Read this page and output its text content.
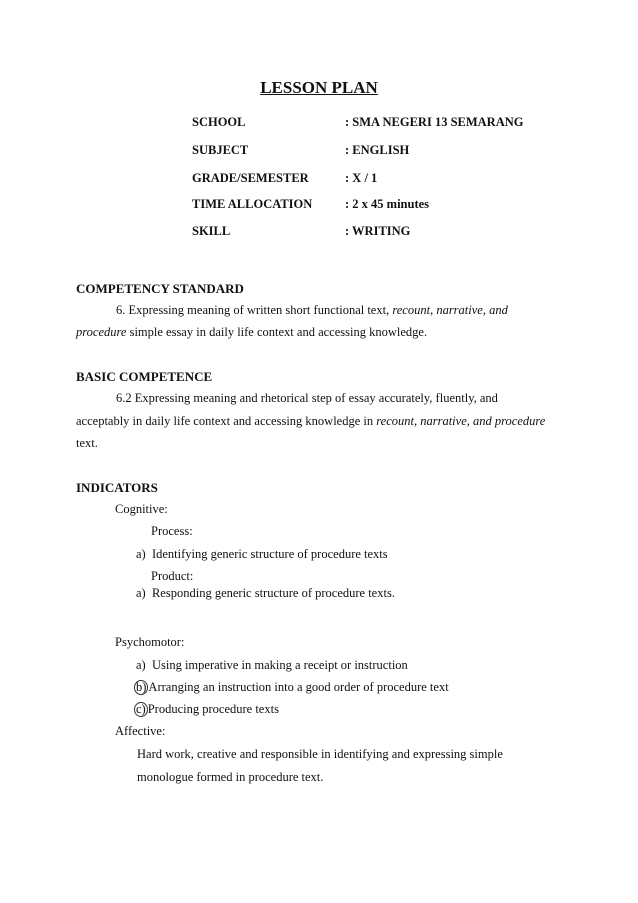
LESSON PLAN
SCHOOL	: SMA NEGERI 13 SEMARANG
SUBJECT	: ENGLISH
GRADE/SEMESTER	: X / 1
TIME ALLOCATION	: 2 x 45 minutes
SKILL	: WRITING
COMPETENCY STANDARD
6. Expressing meaning of written short functional text, recount, narrative, and
procedure simple essay in daily life context and accessing knowledge.
BASIC COMPETENCE
6.2 Expressing meaning and rhetorical step of essay accurately, fluently, and
acceptably in daily life context and accessing knowledge in recount, narrative, and procedure
text.
INDICATORS
Cognitive:
Process:
a) Identifying generic structure of procedure texts
Product:
a) Responding generic structure of procedure texts.
Psychomotor:
a) Using imperative in making a receipt or instruction
b) Arranging an instruction into a good order of procedure text
c) Producing procedure texts
Affective:
Hard work, creative and responsible in identifying and expressing simple
monologue formed in procedure text.
